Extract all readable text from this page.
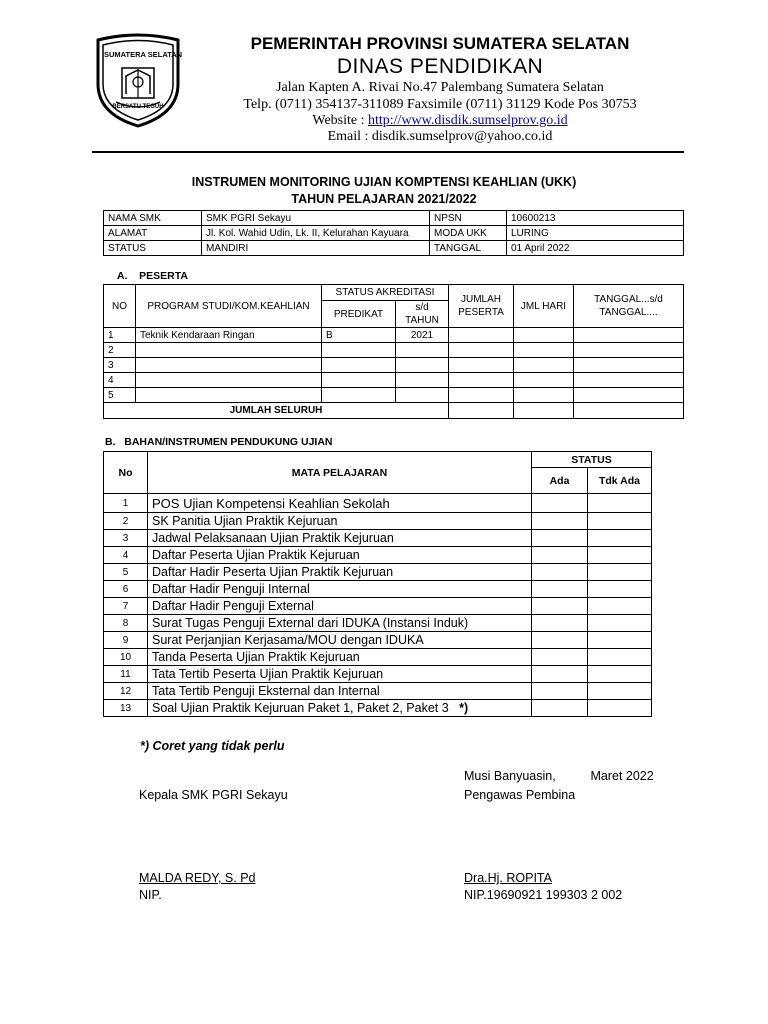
SUMATERA SELATAN
BERSATU TEGUH
PEMERINTAH PROVINSI SUMATERA SELATAN
DINAS PENDIDIKAN
Jalan Kapten A. Rivai No.47 Palembang Sumatera Selatan
Telp. (0711) 354137-311089 Faxsimile (0711) 31129 Kode Pos 30753
Website : http://www.disdik.sumselprov.go.id
Email : disdik.sumselprov@yahoo.co.id
INSTRUMEN MONITORING UJIAN KOMPTENSI KEAHLIAN (UKK)
TAHUN PELAJARAN 2021/2022
NAMA SMK	SMK PGRI Sekayu	NPSN	10600213
ALAMAT	Jl. Kol. Wahid Udin, Lk. II, Kelurahan Kayuara	MODA UKK	LURING
STATUS	MANDIRI	TANGGAL	01 April 2022
A.    PESERTA
NO	PROGRAM STUDI/KOM.KEAHLIAN	STATUS AKREDITASI		JUMLAH PESERTA	JML HARI	TANGGAL...s/d TANGGAL....
		PREDIKAT	s/d TAHUN			
1	Teknik Kendaraan Ringan	B	2021			
2						
3						
4						
5						
JUMLAH SELURUH						
B.   BAHAN/INSTRUMEN PENDUKUNG UJIAN
No	MATA PELAJARAN	STATUS	
		Ada	Tdk Ada
1	POS Ujian Kompetensi Keahlian Sekolah		
2	SK Panitia Ujian Praktik Kejuruan		
3	Jadwal Pelaksanaan Ujian Praktik Kejuruan		
4	Daftar Peserta Ujian Praktik Kejuruan		
5	Daftar Hadir Peserta Ujian Praktik Kejuruan		
6	Daftar Hadir Penguji Internal		
7	Daftar Hadir Penguji External		
8	Surat Tugas Penguji External dari IDUKA (Instansi Induk)		
9	Surat Perjanjian Kerjasama/MOU dengan IDUKA		
10	Tanda Peserta Ujian Praktik Kejuruan		
11	Tata Tertib Peserta Ujian Praktik Kejuruan		
12	Tata Tertib Penguji Eksternal dan Internal		
13	Soal Ujian Praktik Kejuruan Paket 1, Paket 2, Paket 3 *)		
*) Coret yang tidak perlu
Musi Banyuasin,          Maret 2022
Kepala SMK PGRI Sekayu	Pengawas Pembina
MALDA REDY, S. Pd
NIP.
Dra.Hj. ROPITA
NIP.19690921 199303 2 002
